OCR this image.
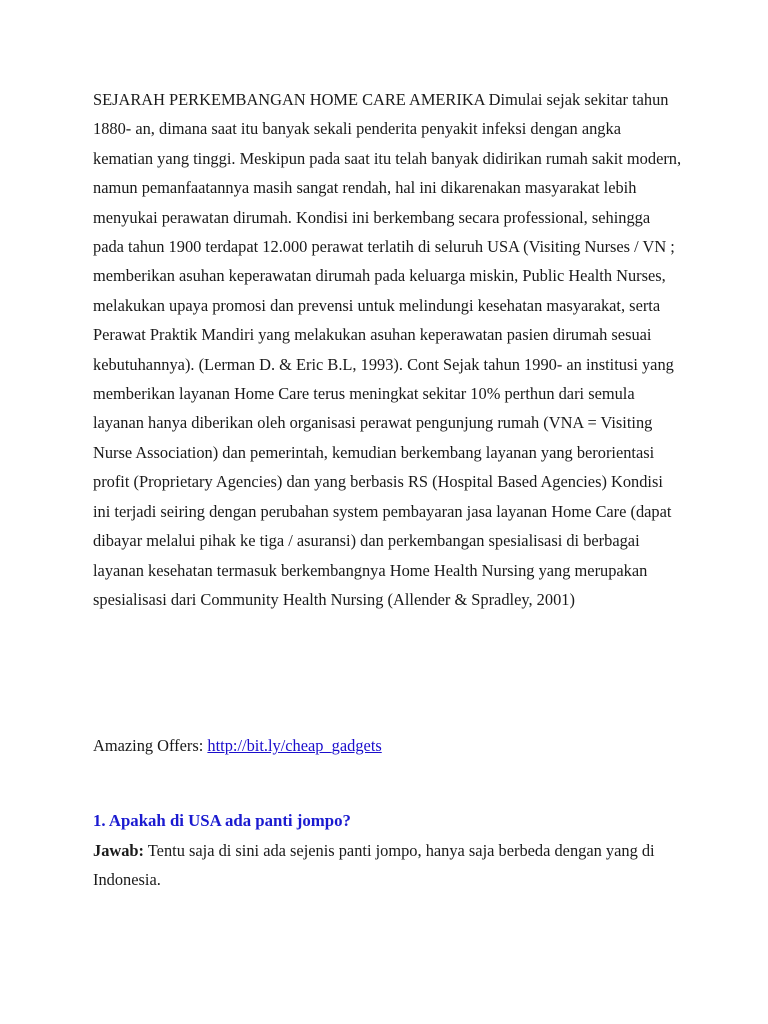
SEJARAH PERKEMBANGAN HOME CARE AMERIKA Dimulai sejak sekitar tahun 1880- an, dimana saat itu banyak sekali penderita penyakit infeksi dengan angka kematian yang tinggi. Meskipun pada saat itu telah banyak didirikan rumah sakit modern, namun pemanfaatannya masih sangat rendah, hal ini dikarenakan masyarakat lebih menyukai perawatan dirumah. Kondisi ini berkembang secara professional, sehingga pada tahun 1900 terdapat 12.000 perawat terlatih di seluruh USA (Visiting Nurses / VN ; memberikan asuhan keperawatan dirumah pada keluarga miskin, Public Health Nurses, melakukan upaya promosi dan prevensi untuk melindungi kesehatan masyarakat, serta Perawat Praktik Mandiri yang melakukan asuhan keperawatan pasien dirumah sesuai kebutuhannya). (Lerman D. & Eric B.L, 1993). Cont Sejak tahun 1990- an institusi yang memberikan layanan Home Care terus meningkat sekitar 10% perthun dari semula layanan hanya diberikan oleh organisasi perawat pengunjung rumah (VNA = Visiting Nurse Association) dan pemerintah, kemudian berkembang layanan yang berorientasi profit (Proprietary Agencies) dan yang berbasis RS (Hospital Based Agencies) Kondisi ini terjadi seiring dengan perubahan system pembayaran jasa layanan Home Care (dapat dibayar melalui pihak ke tiga / asuransi) dan perkembangan spesialisasi di berbagai layanan kesehatan termasuk berkembangnya Home Health Nursing yang merupakan spesialisasi dari Community Health Nursing (Allender & Spradley, 2001)

Amazing Offers: http://bit.ly/cheap_gadgets

1. Apakah di USA ada panti jompo?

Jawab: Tentu saja di sini ada sejenis panti jompo, hanya saja berbeda dengan yang di Indonesia.
